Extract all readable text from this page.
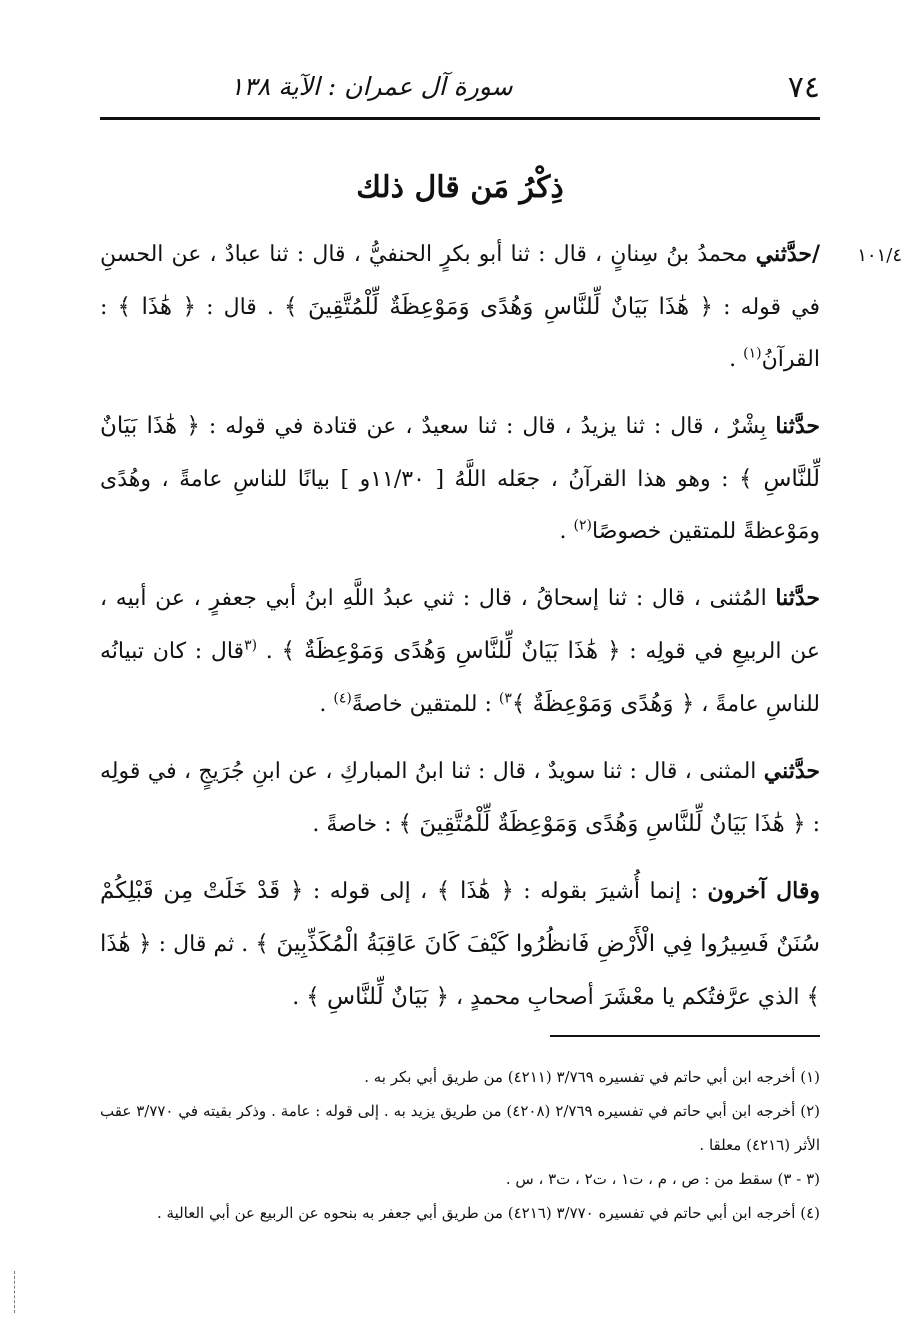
٧٤
سورة آل عمران : الآية ١٣٨
١٠١/٤
ذِكْرُ مَن قال ذلك

/حدَّثني محمدُ بنُ سِنانٍ ، قال : ثنا أبو بكرٍ الحنفيُّ ، قال : ثنا عبادٌ ، عن الحسنِ في قوله : ﴿ هَٰذَا بَيَانٌ لِّلنَّاسِ وَهُدًى وَمَوْعِظَةٌ لِّلْمُتَّقِينَ ﴾ . قال : ﴿ هَٰذَا ﴾ : القرآنُ$^{(١)}$ .

حدَّثنا بِشْرٌ ، قال : ثنا يزيدُ ، قال : ثنا سعيدٌ ، عن قتادة في قوله : ﴿ هَٰذَا بَيَانٌ لِّلنَّاسِ ﴾ : وهو هذا القرآنُ ، جعَله اللَّهُ [ ١١/٣٠و ] بيانًا للناسِ عامةً ، وهُدًى ومَوْعظةً للمتقين خصوصًا$^{(٢)}$ .

حدَّثنا المُثنى ، قال : ثنا إسحاقُ ، قال : ثني عبدُ اللَّهِ ابنُ أبي جعفرٍ ، عن أبيه ، عن الربيعِ في قولِه : ﴿ هَٰذَا بَيَانٌ لِّلنَّاسِ وَهُدًى وَمَوْعِظَةٌ ﴾ . $^{(٣}$قال : كان تبيانُه للناسِ عامةً ، ﴿ وَهُدًى وَمَوْعِظَةٌ ﴾$^{٣)}$ : للمتقين خاصةً$^{(٤)}$ .

حدَّثني المثنى ، قال : ثنا سويدٌ ، قال : ثنا ابنُ المباركِ ، عن ابنِ جُرَيجٍ ، في قولِه : ﴿ هَٰذَا بَيَانٌ لِّلنَّاسِ وَهُدًى وَمَوْعِظَةٌ لِّلْمُتَّقِينَ ﴾ : خاصةً .

وقال آخرون : إنما أُشيرَ بقوله : ﴿ هَٰذَا ﴾ ، إلى قوله : ﴿ قَدْ خَلَتْ مِن قَبْلِكُمْ سُنَنٌ فَسِيرُوا فِي الْأَرْضِ فَانظُرُوا كَيْفَ كَانَ عَاقِبَةُ الْمُكَذِّبِينَ ﴾ . ثم قال : ﴿ هَٰذَا ﴾ الذي عرَّفتُكم يا معْشَرَ أصحابِ محمدٍ ، ﴿ بَيَانٌ لِّلنَّاسِ ﴾ .

(١) أخرجه ابن أبي حاتم في تفسيره ٣/٧٦٩ (٤٢١١) من طريق أبي بكر به .

(٢) أخرجه ابن أبي حاتم في تفسيره ٢/٧٦٩ (٤٢٠٨) من طريق يزيد به . إلى قوله : عامة . وذكر بقيته في ٣/٧٧٠ عقب الأثر (٤٢١٦) معلقا .

(٣ - ٣) سقط من : ص ، م ، ت١ ، ت٢ ، ت٣ ، س .

(٤) أخرجه ابن أبي حاتم في تفسيره ٣/٧٧٠ (٤٢١٦) من طريق أبي جعفر به بنحوه عن الربيع عن أبي العالية .
